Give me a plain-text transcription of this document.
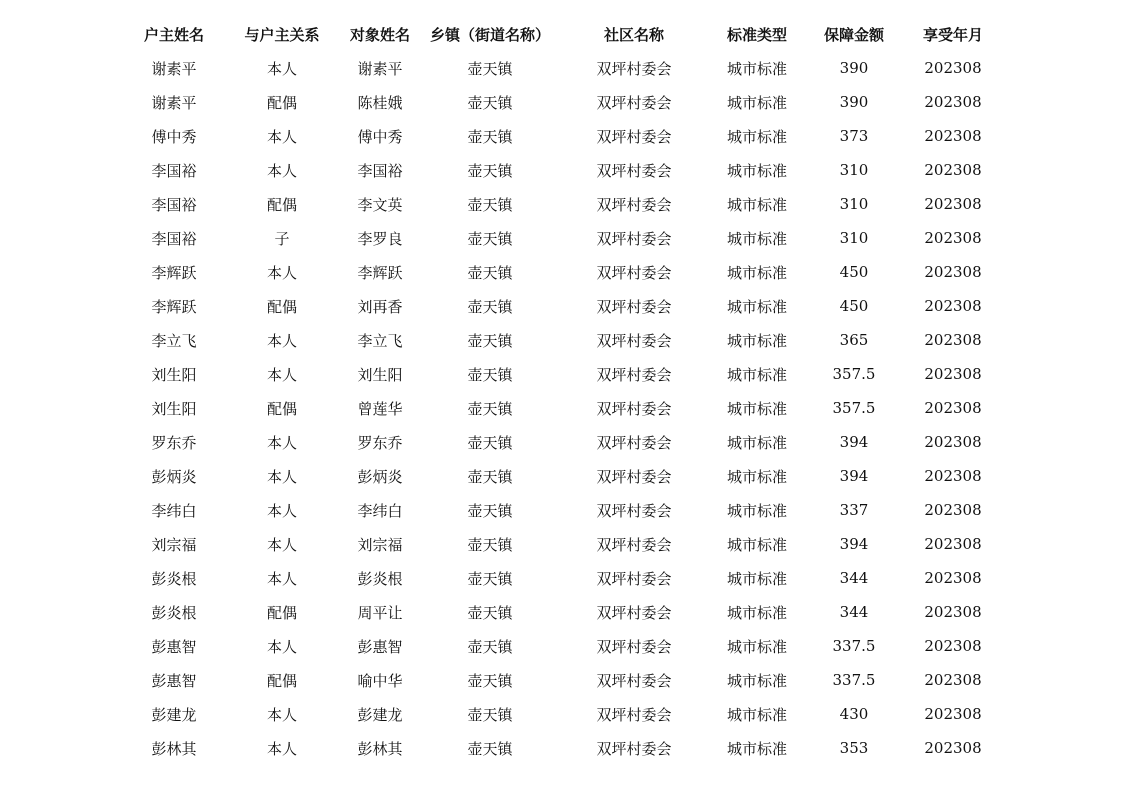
户主姓名	与户主关系	对象姓名	乡镇（街道名称）	社区名称	标准类型	保障金额	享受年月
谢素平	本人	谢素平	壶天镇	双坪村委会	城市标准	390	202308
谢素平	配偶	陈桂娥	壶天镇	双坪村委会	城市标准	390	202308
傅中秀	本人	傅中秀	壶天镇	双坪村委会	城市标准	373	202308
李国裕	本人	李国裕	壶天镇	双坪村委会	城市标准	310	202308
李国裕	配偶	李文英	壶天镇	双坪村委会	城市标准	310	202308
李国裕	子	李罗良	壶天镇	双坪村委会	城市标准	310	202308
李辉跃	本人	李辉跃	壶天镇	双坪村委会	城市标准	450	202308
李辉跃	配偶	刘再香	壶天镇	双坪村委会	城市标准	450	202308
李立飞	本人	李立飞	壶天镇	双坪村委会	城市标准	365	202308
刘生阳	本人	刘生阳	壶天镇	双坪村委会	城市标准	357.5	202308
刘生阳	配偶	曾莲华	壶天镇	双坪村委会	城市标准	357.5	202308
罗东乔	本人	罗东乔	壶天镇	双坪村委会	城市标准	394	202308
彭炳炎	本人	彭炳炎	壶天镇	双坪村委会	城市标准	394	202308
李纬白	本人	李纬白	壶天镇	双坪村委会	城市标准	337	202308
刘宗福	本人	刘宗福	壶天镇	双坪村委会	城市标准	394	202308
彭炎根	本人	彭炎根	壶天镇	双坪村委会	城市标准	344	202308
彭炎根	配偶	周平让	壶天镇	双坪村委会	城市标准	344	202308
彭惠智	本人	彭惠智	壶天镇	双坪村委会	城市标准	337.5	202308
彭惠智	配偶	喻中华	壶天镇	双坪村委会	城市标准	337.5	202308
彭建龙	本人	彭建龙	壶天镇	双坪村委会	城市标准	430	202308
彭林其	本人	彭林其	壶天镇	双坪村委会	城市标准	353	202308
